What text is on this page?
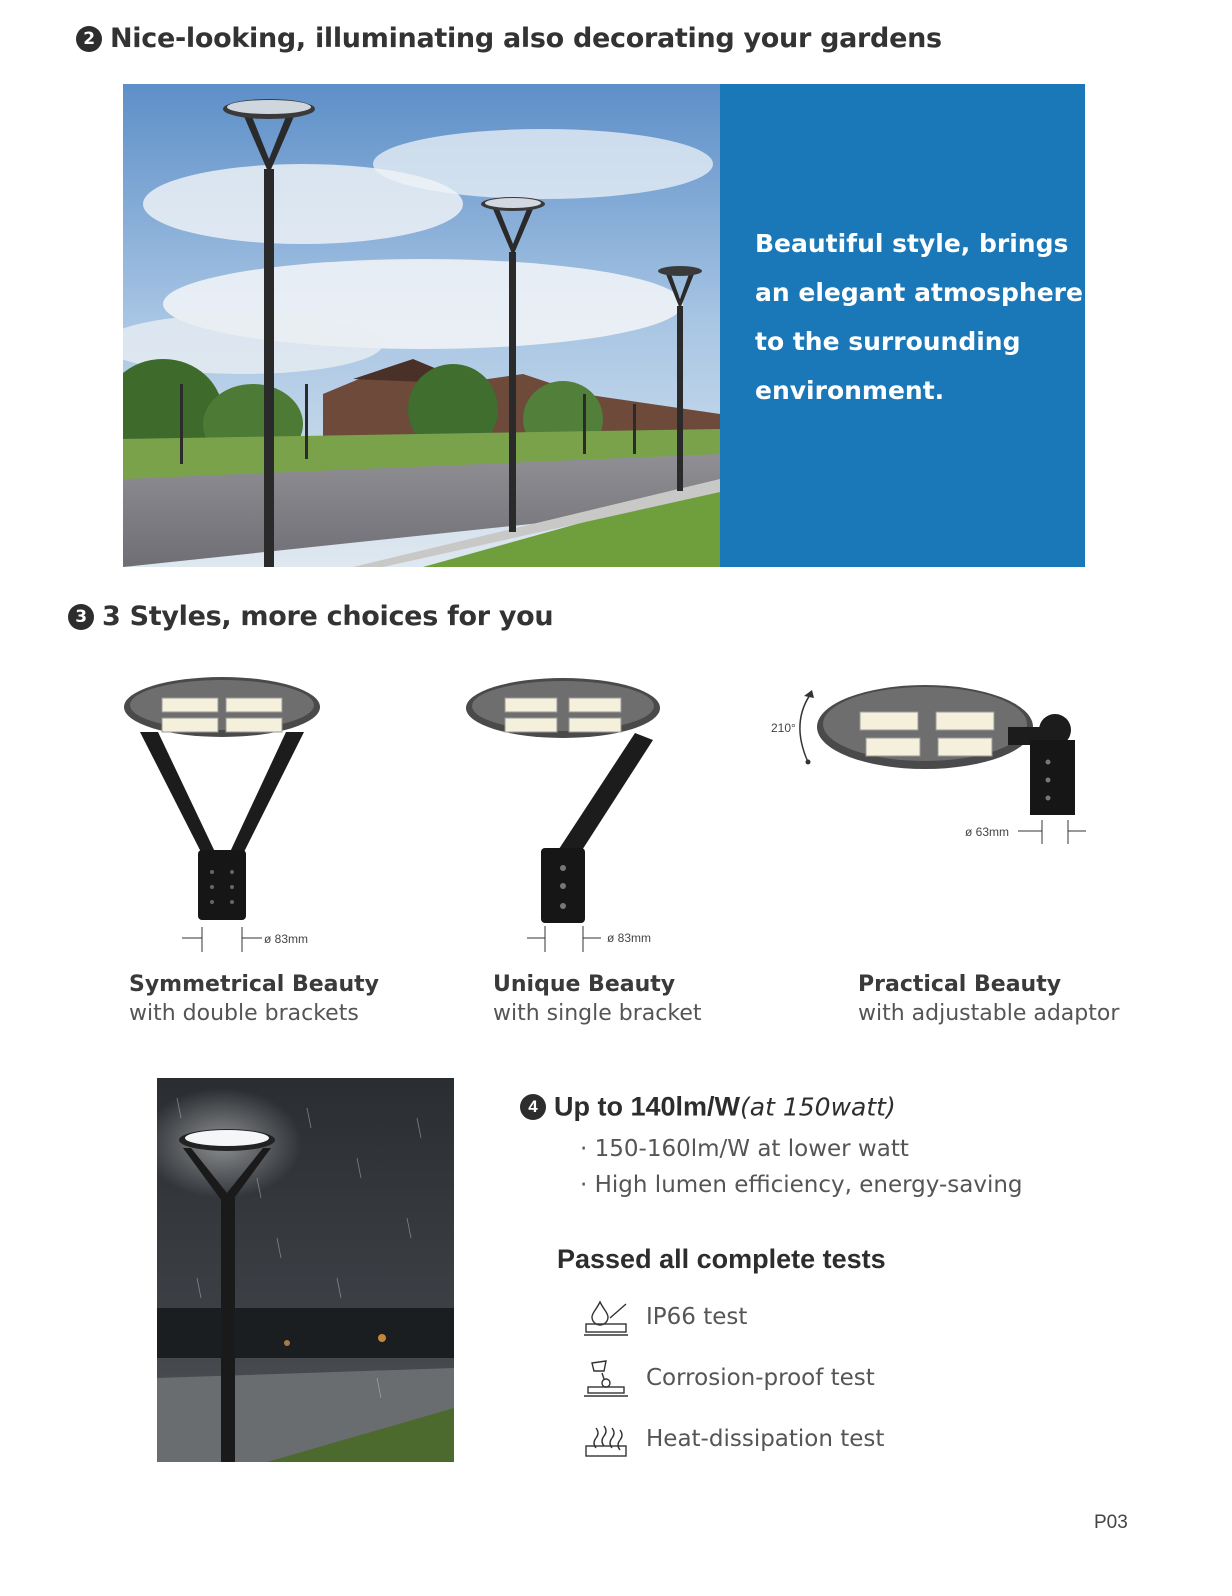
2 Nice-looking, illuminating also decorating your gardens
Beautiful style, brings
an elegant atmosphere
to the surrounding
environment.
3 3 Styles, more choices for you
ø 83mm	ø 83mm
210°
ø 63mm
Symmetrical Beauty
with double brackets
Unique Beauty
with single bracket
Practical Beauty
with adjustable adaptor
4 Up to 140lm/W(at 150watt)
· 150-160lm/W at lower watt
· High lumen efficiency, energy-saving
Passed all complete tests
IP66 test
Corrosion-proof test
Heat-dissipation test
P03
